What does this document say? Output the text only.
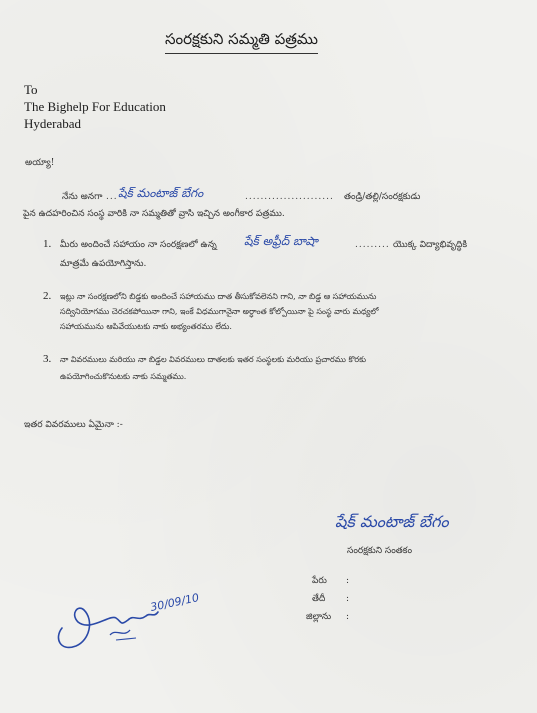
సంరక్షకుని సమ్మతి పత్రము
To
The Bighelp For Education
Hyderabad
అయ్యా!
నేను అనగా ... షేక్ మంటాజ్ బేగం	....................... తండ్రి/తల్లి/సంరక్షకుడు
పైన ఉదహరించిన సంస్థ వారికి నా సమ్మతితో వ్రాసి ఇచ్చిన అంగీకార పత్రము.
1. మీరు అందించే సహాయం నా సంరక్షణలో ఉన్న షేక్ అఫ్రీద్ బాషా	......... యొక్క విద్యాభివృద్ధికి
మాత్రమే ఉపయోగిస్తాను.
2. ఇట్లు నా సంరక్షణలోని బిడ్డకు అందించే సహాయము దాత తీసుకోవలెనని గాని, నా బిడ్డ ఆ సహాయమును
సద్వినియోగము చెరచకపోయినా గాని, ఇంకే విధముగానైనా అర్ధాంత కోల్పోయినా పై సంస్థ వారు మధ్యలో
సహాయమును ఆపివేయుటకు నాకు అభ్యంతరము లేదు.
3. నా వివరములు మరియు నా బిడ్డల వివరములు దాతలకు ఇతర సంస్థలకు మరియు ప్రచారము కొరకు
ఉపయోగించుకొనుటకు నాకు సమ్మతము.
ఇతర వివరములు ఏమైనా :-
షేక్ మంటాజ్ బేగం
సంరక్షకుని సంతకం
పేరు :
తేదీ :
జిల్లాను :
30/09/10
